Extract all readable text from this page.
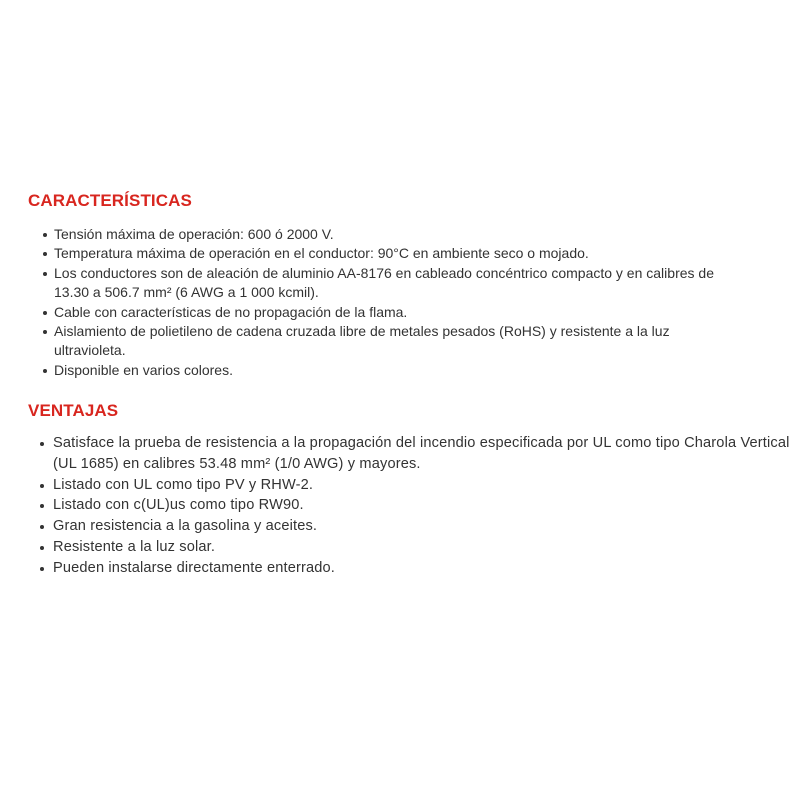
CARACTERÍSTICAS
Tensión máxima de operación: 600 ó 2000 V.
Temperatura máxima de operación en el conductor: 90°C en ambiente seco o mojado.
Los conductores son de aleación de aluminio AA-8176 en cableado concéntrico compacto y en calibres de 13.30 a 506.7 mm² (6 AWG a 1 000 kcmil).
Cable con características de no propagación de la flama.
Aislamiento de polietileno de cadena cruzada libre de metales pesados (RoHS) y resistente a la luz ultravioleta.
Disponible en varios colores.
VENTAJAS
Satisface la prueba de resistencia a la propagación del incendio especificada por UL como tipo Charola Vertical (UL 1685) en calibres 53.48 mm² (1/0 AWG) y mayores.
Listado con UL como tipo PV y RHW-2.
Listado con c(UL)us como tipo RW90.
Gran resistencia a la gasolina y aceites.
Resistente a la luz solar.
Pueden instalarse directamente enterrado.
